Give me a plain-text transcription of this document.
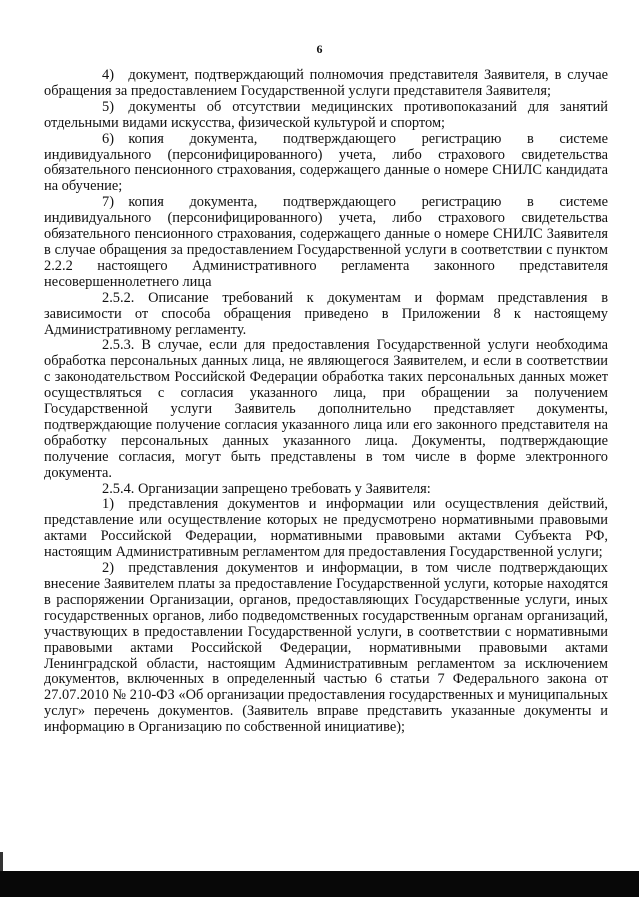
6

4) документ, подтверждающий полномочия представителя Заявителя, в случае обращения за предоставлением Государственной услуги представителя Заявителя;

5) документы об отсутствии медицинских противопоказаний для занятий отдельными видами искусства, физической культурой и спортом;

6) копия документа, подтверждающего регистрацию в системе индивидуального (персонифицированного) учета, либо страхового свидетельства обязательного пенсионного страхования, содержащего данные о номере СНИЛС кандидата на обучение;

7) копия документа, подтверждающего регистрацию в системе индивидуального (персонифицированного) учета, либо страхового свидетельства обязательного пенсионного страхования, содержащего данные о номере СНИЛС Заявителя в случае обращения за предоставлением Государственной услуги в соответствии с пунктом 2.2.2 настоящего Административного регламента законного представителя несовершеннолетнего лица

2.5.2. Описание требований к документам и формам представления в зависимости от способа обращения приведено в Приложении 8 к настоящему Административному регламенту.

2.5.3. В случае, если для предоставления Государственной услуги необходима обработка персональных данных лица, не являющегося Заявителем, и если в соответствии с законодательством Российской Федерации обработка таких персональных данных может осуществляться с согласия указанного лица, при обращении за получением Государственной услуги Заявитель дополнительно представляет документы, подтверждающие получение согласия указанного лица или его законного представителя на обработку персональных данных указанного лица. Документы, подтверждающие получение согласия, могут быть представлены в том числе в форме электронного документа.

2.5.4. Организации запрещено требовать у Заявителя:

1) представления документов и информации или осуществления действий, представление или осуществление которых не предусмотрено нормативными правовыми актами Российской Федерации, нормативными правовыми актами Субъекта РФ, настоящим Административным регламентом для предоставления Государственной услуги;

2) представления документов и информации, в том числе подтверждающих внесение Заявителем платы за предоставление Государственной услуги, которые находятся в распоряжении Организации, органов, предоставляющих Государственные услуги, иных государственных органов, либо подведомственных государственным органам организаций, участвующих в предоставлении Государственной услуги, в соответствии с нормативными правовыми актами Российской Федерации, нормативными правовыми актами Ленинградской области, настоящим Административным регламентом за исключением документов, включенных в определенный частью 6 статьи 7 Федерального закона от 27.07.2010 № 210-ФЗ «Об организации предоставления государственных и муниципальных услуг» перечень документов. (Заявитель вправе представить указанные документы и информацию в Организацию по собственной инициативе);
